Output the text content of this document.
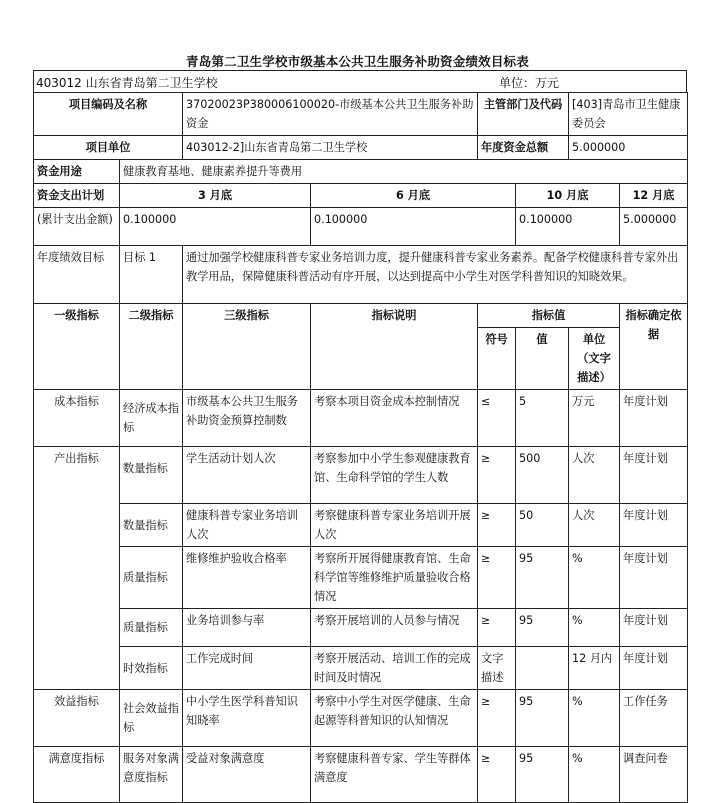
青岛第二卫生学校市级基本公共卫生服务补助资金绩效目标表
403012 山东省青岛第二卫生学校	单位：万元
项目编码及名称		37020023P380006100020-市级基本公共卫生服务补助资金		主管部门及代码		[403]青岛市卫生健康委员会	
项目单位		403012-2]山东省青岛第二卫生学校		年度资金总额		5.000000	
资金用途	健康教育基地、健康素养提升等费用						
资金支出计划	3 月底		6 月底		10 月底		12 月底
(累计支出金额)	0.100000		0.100000		0.100000		5.000000
年度绩效目标	目标 1	通过加强学校健康科普专家业务培训力度，提升健康科普专家业务素养。配备学校健康科普专家外出教学用品，保障健康科普活动有序开展，以达到提高中小学生对医学科普知识的知晓效果。					
一级指标	二级指标	三级指标	指标说明	指标值			指标确定依据
				符号	值	单位（文字描述）	
成本指标	经济成本指标	市级基本公共卫生服务补助资金预算控制数	考察本项目资金成本控制情况	≤	5	万元	年度计划
产出指标	数量指标	学生活动计划人次	考察参加中小学生参观健康教育馆、生命科学馆的学生人数	≥	500	人次	年度计划
	数量指标	健康科普专家业务培训人次	考察健康科普专家业务培训开展人次	≥	50	人次	年度计划
	质量指标	维修维护验收合格率	考察所开展得健康教育馆、生命科学馆等维修维护质量验收合格情况	≥	95	%	年度计划
	质量指标	业务培训参与率	考察开展培训的人员参与情况	≥	95	%	年度计划
	时效指标	工作完成时间	考察开展活动、培训工作的完成时间及时情况	文字描述		12 月内	年度计划
效益指标	社会效益指标	中小学生医学科普知识知晓率	考察中小学生对医学健康、生命起源等科普知识的认知情况	≥	95	%	工作任务
满意度指标	服务对象满意度指标	受益对象满意度	考察健康科普专家、学生等群体满意度	≥	95	%	调查问卷
